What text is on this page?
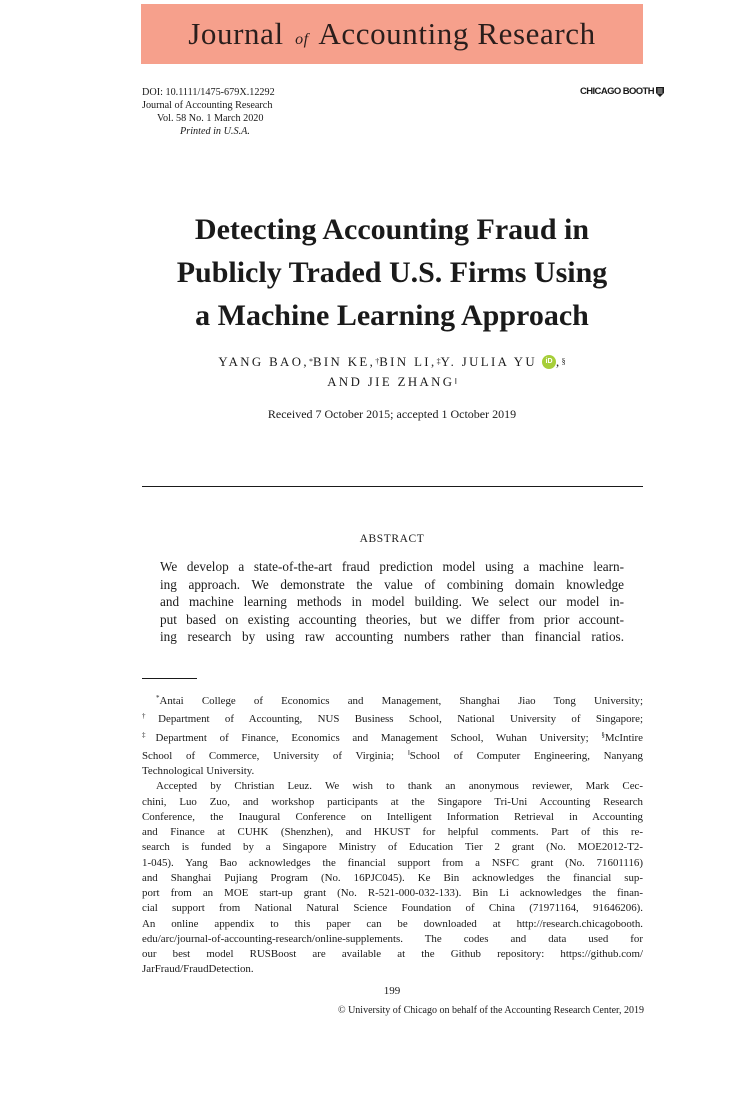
Journal of Accounting Research
DOI: 10.1111/1475-679X.12292
Journal of Accounting Research
Vol. 58 No. 1 March 2020
Printed in U.S.A.
CHICAGO BOOTH
Detecting Accounting Fraud in
Publicly Traded U.S. Firms Using
a Machine Learning Approach
YANG BAO, * BIN KE, † BIN LI, ‡ Y. JULIA YU	iD , §
AND JIE ZHANG ‖
Received 7 October 2015; accepted 1 October 2019
ABSTRACT
We develop a state-of-the-art fraud prediction model using a machine learn-
ing approach. We demonstrate the value of combining domain knowledge
and machine learning methods in model building. We select our model in-
put based on existing accounting theories, but we differ from prior account-
ing research by using raw accounting numbers rather than financial ratios.
*Antai College of Economics and Management, Shanghai Jiao Tong University;
†Department of Accounting, NUS Business School, National University of Singapore;
‡Department of Finance, Economics and Management School, Wuhan University; §McIntire
School of Commerce, University of Virginia; ‖School of Computer Engineering, Nanyang
Technological University.
Accepted by Christian Leuz. We wish to thank an anonymous reviewer, Mark Cec-
chini, Luo Zuo, and workshop participants at the Singapore Tri-Uni Accounting Research
Conference, the Inaugural Conference on Intelligent Information Retrieval in Accounting
and Finance at CUHK (Shenzhen), and HKUST for helpful comments. Part of this re-
search is funded by a Singapore Ministry of Education Tier 2 grant (No. MOE2012-T2-
1-045). Yang Bao acknowledges the financial support from a NSFC grant (No. 71601116)
and Shanghai Pujiang Program (No. 16PJC045). Ke Bin acknowledges the financial sup-
port from an MOE start-up grant (No. R-521-000-032-133). Bin Li acknowledges the finan-
cial support from National Natural Science Foundation of China (71971164, 91646206).
An online appendix to this paper can be downloaded at http://research.chicagobooth.
edu/arc/journal-of-accounting-research/online-supplements. The codes and data used for
our best model RUSBoost are available at the Github repository: https://github.com/
JarFraud/FraudDetection.
199
© University of Chicago on behalf of the Accounting Research Center, 2019
